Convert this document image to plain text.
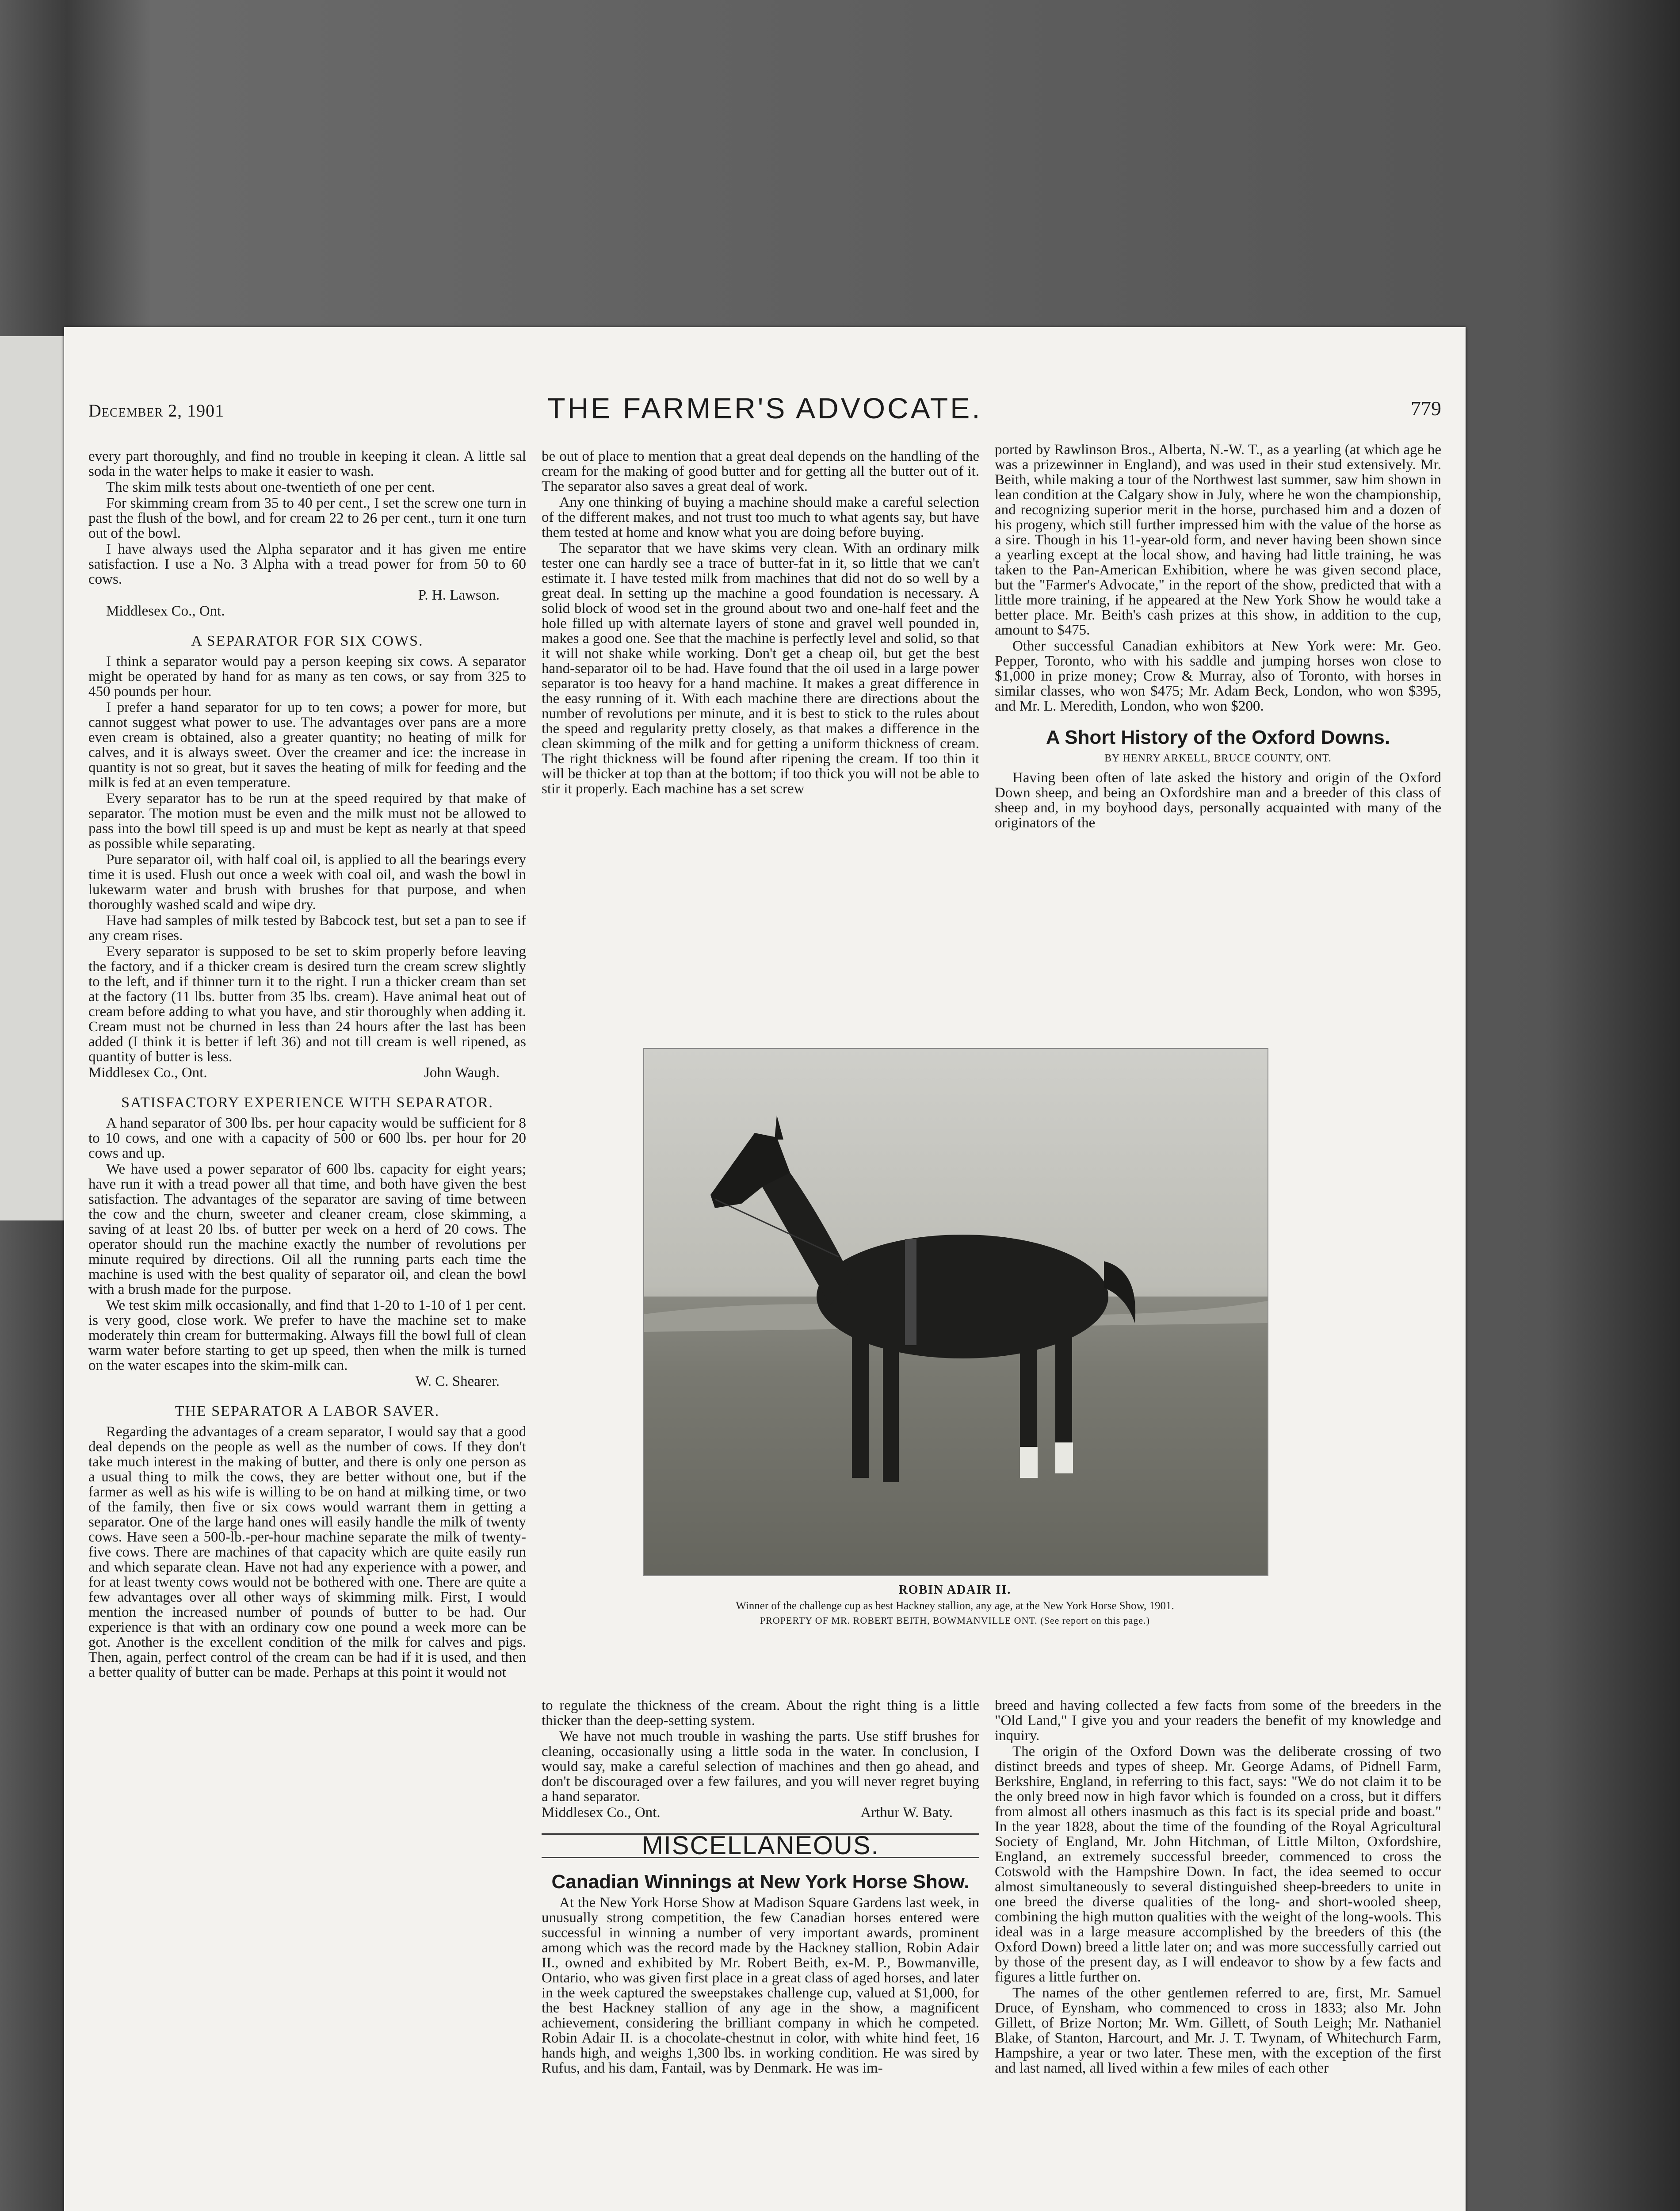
December 2, 1901	THE FARMER'S ADVOCATE.	779

every part thoroughly, and find no trouble in keeping it clean. A little sal soda in the water helps to make it easier to wash.

The skim milk tests about one-twentieth of one per cent.

For skimming cream from 35 to 40 per cent., I set the screw one turn in past the flush of the bowl, and for cream 22 to 26 per cent., turn it one turn out of the bowl.

I have always used the Alpha separator and it has given me entire satisfaction. I use a No. 3 Alpha with a tread power for from 50 to 60 cows.

P. H. Lawson.

Middlesex Co., Ont.

A SEPARATOR FOR SIX COWS.

I think a separator would pay a person keeping six cows. A separator might be operated by hand for as many as ten cows, or say from 325 to 450 pounds per hour.

I prefer a hand separator for up to ten cows; a power for more, but cannot suggest what power to use. The advantages over pans are a more even cream is obtained, also a greater quantity; no heating of milk for calves, and it is always sweet. Over the creamer and ice: the increase in quantity is not so great, but it saves the heating of milk for feeding and the milk is fed at an even temperature.

Every separator has to be run at the speed required by that make of separator. The motion must be even and the milk must not be allowed to pass into the bowl till speed is up and must be kept as nearly at that speed as possible while separating.

Pure separator oil, with half coal oil, is applied to all the bearings every time it is used. Flush out once a week with coal oil, and wash the bowl in lukewarm water and brush with brushes for that purpose, and when thoroughly washed scald and wipe dry.

Have had samples of milk tested by Babcock test, but set a pan to see if any cream rises.

Every separator is supposed to be set to skim properly before leaving the factory, and if a thicker cream is desired turn the cream screw slightly to the left, and if thinner turn it to the right. I run a thicker cream than set at the factory (11 lbs. butter from 35 lbs. cream). Have animal heat out of cream before adding to what you have, and stir thoroughly when adding it. Cream must not be churned in less than 24 hours after the last has been added (I think it is better if left 36) and not till cream is well ripened, as quantity of butter is less.

Middlesex Co., Ont.	John Waugh.

SATISFACTORY EXPERIENCE WITH SEPARATOR.

A hand separator of 300 lbs. per hour capacity would be sufficient for 8 to 10 cows, and one with a capacity of 500 or 600 lbs. per hour for 20 cows and up.

We have used a power separator of 600 lbs. capacity for eight years; have run it with a tread power all that time, and both have given the best satisfaction. The advantages of the separator are saving of time between the cow and the churn, sweeter and cleaner cream, close skimming, a saving of at least 20 lbs. of butter per week on a herd of 20 cows. The operator should run the machine exactly the number of revolutions per minute required by directions. Oil all the running parts each time the machine is used with the best quality of separator oil, and clean the bowl with a brush made for the purpose.

We test skim milk occasionally, and find that 1-20 to 1-10 of 1 per cent. is very good, close work. We prefer to have the machine set to make moderately thin cream for buttermaking. Always fill the bowl full of clean warm water before starting to get up speed, then when the milk is turned on the water escapes into the skim-milk can.

W. C. Shearer.

THE SEPARATOR A LABOR SAVER.

Regarding the advantages of a cream separator, I would say that a good deal depends on the people as well as the number of cows. If they don't take much interest in the making of butter, and there is only one person as a usual thing to milk the cows, they are better without one, but if the farmer as well as his wife is willing to be on hand at milking time, or two of the family, then five or six cows would warrant them in getting a separator. One of the large hand ones will easily handle the milk of twenty cows. Have seen a 500-lb.-per-hour machine separate the milk of twenty-five cows. There are machines of that capacity which are quite easily run and which separate clean. Have not had any experience with a power, and for at least twenty cows would not be bothered with one. There are quite a few advantages over all other ways of skimming milk. First, I would mention the increased number of pounds of butter to be had. Our experience is that with an ordinary cow one pound a week more can be got. Another is the excellent condition of the milk for calves and pigs. Then, again, perfect control of the cream can be had if it is used, and then a better quality of butter can be made. Perhaps at this point it would not

be out of place to mention that a great deal depends on the handling of the cream for the making of good butter and for getting all the butter out of it. The separator also saves a great deal of work.

Any one thinking of buying a machine should make a careful selection of the different makes, and not trust too much to what agents say, but have them tested at home and know what you are doing before buying.

The separator that we have skims very clean. With an ordinary milk tester one can hardly see a trace of butter-fat in it, so little that we can't estimate it. I have tested milk from machines that did not do so well by a great deal. In setting up the machine a good foundation is necessary. A solid block of wood set in the ground about two and one-half feet and the hole filled up with alternate layers of stone and gravel well pounded in, makes a good one. See that the machine is perfectly level and solid, so that it will not shake while working. Don't get a cheap oil, but get the best hand-separator oil to be had. Have found that the oil used in a large power separator is too heavy for a hand machine. It makes a great difference in the easy running of it. With each machine there are directions about the number of revolutions per minute, and it is best to stick to the rules about the speed and regularity pretty closely, as that makes a difference in the clean skimming of the milk and for getting a uniform thickness of cream. The right thickness will be found after ripening the cream. If too thin it will be thicker at top than at the bottom; if too thick you will not be able to stir it properly. Each machine has a set screw

ported by Rawlinson Bros., Alberta, N.-W. T., as a yearling (at which age he was a prizewinner in England), and was used in their stud extensively. Mr. Beith, while making a tour of the Northwest last summer, saw him shown in lean condition at the Calgary show in July, where he won the championship, and recognizing superior merit in the horse, purchased him and a dozen of his progeny, which still further impressed him with the value of the horse as a sire. Though in his 11-year-old form, and never having been shown since a yearling except at the local show, and having had little training, he was taken to the Pan-American Exhibition, where he was given second place, but the "Farmer's Advocate," in the report of the show, predicted that with a little more training, if he appeared at the New York Show he would take a better place. Mr. Beith's cash prizes at this show, in addition to the cup, amount to $475.

Other successful Canadian exhibitors at New York were: Mr. Geo. Pepper, Toronto, who with his saddle and jumping horses won close to $1,000 in prize money; Crow & Murray, also of Toronto, with horses in similar classes, who won $475; Mr. Adam Beck, London, who won $395, and Mr. L. Meredith, London, who won $200.

A Short History of the Oxford Downs.
BY HENRY ARKELL, BRUCE COUNTY, ONT.

Having been often of late asked the history and origin of the Oxford Down sheep, and being an Oxfordshire man and a breeder of this class of sheep and, in my boyhood days, personally acquainted with many of the originators of the

ROBIN ADAIR II.
Winner of the challenge cup as best Hackney stallion, any age, at the New York Horse Show, 1901.
PROPERTY OF MR. ROBERT BEITH, BOWMANVILLE ONT. (See report on this page.)

to regulate the thickness of the cream. About the right thing is a little thicker than the deep-setting system.

We have not much trouble in washing the parts. Use stiff brushes for cleaning, occasionally using a little soda in the water. In conclusion, I would say, make a careful selection of machines and then go ahead, and don't be discouraged over a few failures, and you will never regret buying a hand separator.

Middlesex Co., Ont.	Arthur W. Baty.

MISCELLANEOUS.
Canadian Winnings at New York Horse Show.

At the New York Horse Show at Madison Square Gardens last week, in unusually strong competition, the few Canadian horses entered were successful in winning a number of very important awards, prominent among which was the record made by the Hackney stallion, Robin Adair II., owned and exhibited by Mr. Robert Beith, ex-M. P., Bowmanville, Ontario, who was given first place in a great class of aged horses, and later in the week captured the sweepstakes challenge cup, valued at $1,000, for the best Hackney stallion of any age in the show, a magnificent achievement, considering the brilliant company in which he competed. Robin Adair II. is a chocolate-chestnut in color, with white hind feet, 16 hands high, and weighs 1,300 lbs. in working condition. He was sired by Rufus, and his dam, Fantail, was by Denmark. He was im-

breed and having collected a few facts from some of the breeders in the "Old Land," I give you and your readers the benefit of my knowledge and inquiry.

The origin of the Oxford Down was the deliberate crossing of two distinct breeds and types of sheep. Mr. George Adams, of Pidnell Farm, Berkshire, England, in referring to this fact, says: "We do not claim it to be the only breed now in high favor which is founded on a cross, but it differs from almost all others inasmuch as this fact is its special pride and boast." In the year 1828, about the time of the founding of the Royal Agricultural Society of England, Mr. John Hitchman, of Little Milton, Oxfordshire, England, an extremely successful breeder, commenced to cross the Cotswold with the Hampshire Down. In fact, the idea seemed to occur almost simultaneously to several distinguished sheep-breeders to unite in one breed the diverse qualities of the long- and short-wooled sheep, combining the high mutton qualities with the weight of the long-wools. This ideal was in a large measure accomplished by the breeders of this (the Oxford Down) breed a little later on; and was more successfully carried out by those of the present day, as I will endeavor to show by a few facts and figures a little further on.

The names of the other gentlemen referred to are, first, Mr. Samuel Druce, of Eynsham, who commenced to cross in 1833; also Mr. John Gillett, of Brize Norton; Mr. Wm. Gillett, of South Leigh; Mr. Nathaniel Blake, of Stanton, Harcourt, and Mr. J. T. Twynam, of Whitechurch Farm, Hampshire, a year or two later. These men, with the exception of the first and last named, all lived within a few miles of each other
